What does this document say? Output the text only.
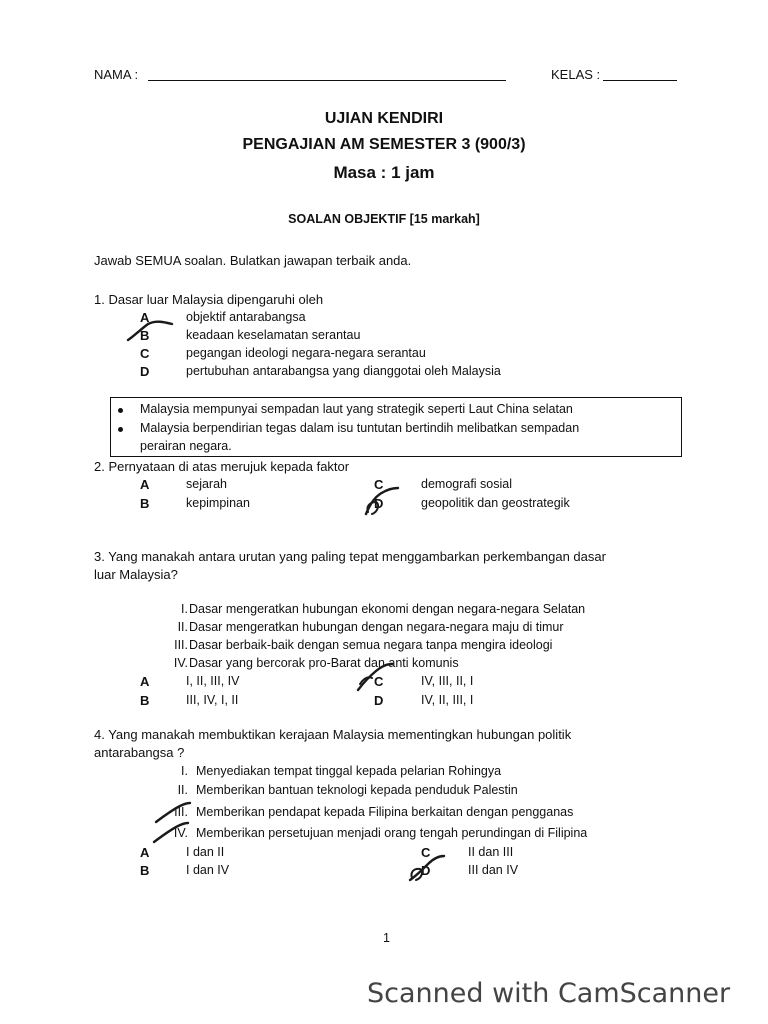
NAMA :	KELAS :
UJIAN KENDIRI
PENGAJIAN AM SEMESTER 3 (900/3)
Masa : 1 jam
SOALAN OBJEKTIF [15 markah]
Jawab SEMUA soalan. Bulatkan jawapan terbaik anda.
1. Dasar luar Malaysia dipengaruhi oleh
A	objektif antarabangsa
B	keadaan keselamatan serantau
C	pegangan ideologi negara-negara serantau
D	pertubuhan antarabangsa yang dianggotai oleh Malaysia
Malaysia mempunyai sempadan laut yang strategik seperti Laut China selatan
Malaysia berpendirian tegas dalam isu tuntutan bertindih melibatkan sempadan
perairan negara.
2. Pernyataan di atas merujuk kepada faktor
A	sejarah
B	kepimpinan
C	demografi sosial
D	geopolitik dan geostrategik
3. Yang manakah antara urutan yang paling tepat menggambarkan perkembangan dasar
luar Malaysia?
I. Dasar mengeratkan hubungan ekonomi dengan negara-negara Selatan
II. Dasar mengeratkan hubungan dengan negara-negara maju di timur
III. Dasar berbaik-baik dengan semua negara tanpa mengira ideologi
IV. Dasar yang bercorak pro-Barat dan anti komunis
A	I, II, III, IV
B	III, IV, I, II
C	IV, III, II, I
D	IV, II, III, I
4. Yang manakah membuktikan kerajaan Malaysia mementingkan hubungan politik
antarabangsa ?
I. Menyediakan tempat tinggal kepada pelarian Rohingya
II. Memberikan bantuan teknologi kepada penduduk Palestin
III. Memberikan pendapat kepada Filipina berkaitan dengan pengganas
IV. Memberikan persetujuan menjadi orang tengah perundingan di Filipina
A	I dan II
B	I dan IV
C	II dan III
D	III dan IV
1
Scanned with CamScanner
